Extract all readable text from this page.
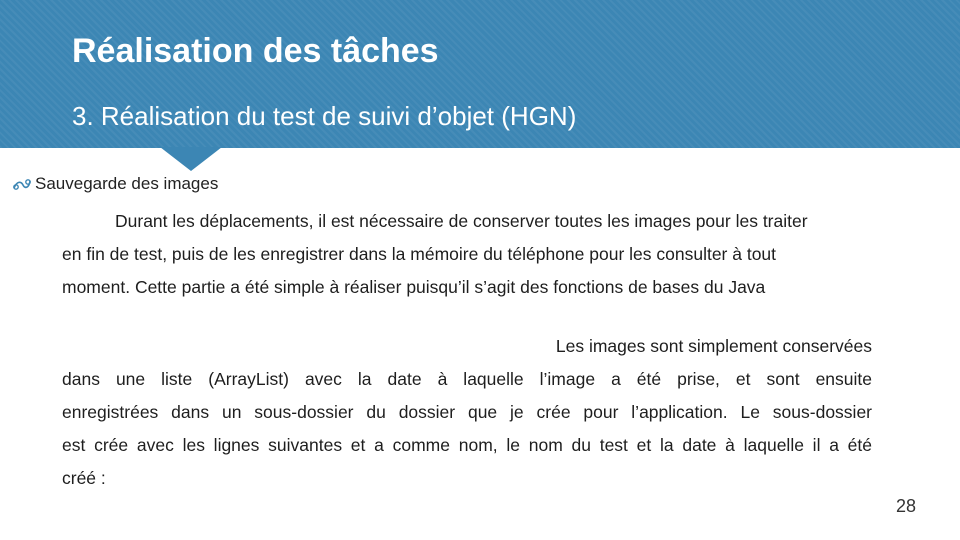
Réalisation des tâches
3. Réalisation du test de suivi d’objet (HGN)
Sauvegarde des images
Durant les déplacements, il est nécessaire de conserver toutes les images pour les traiter
en fin de test, puis de les enregistrer dans la mémoire du téléphone pour les consulter à tout
moment. Cette partie a été simple à réaliser puisqu’il s’agit des fonctions de bases du Java
Les images sont simplement conservées
dans une liste (ArrayList) avec la date à laquelle l’image a été prise, et sont ensuite
enregistrées dans un sous-dossier du dossier que je crée pour l’application. Le sous-dossier
est crée avec les lignes suivantes et a comme nom, le nom du test et la date à laquelle il a été
créé :
28
